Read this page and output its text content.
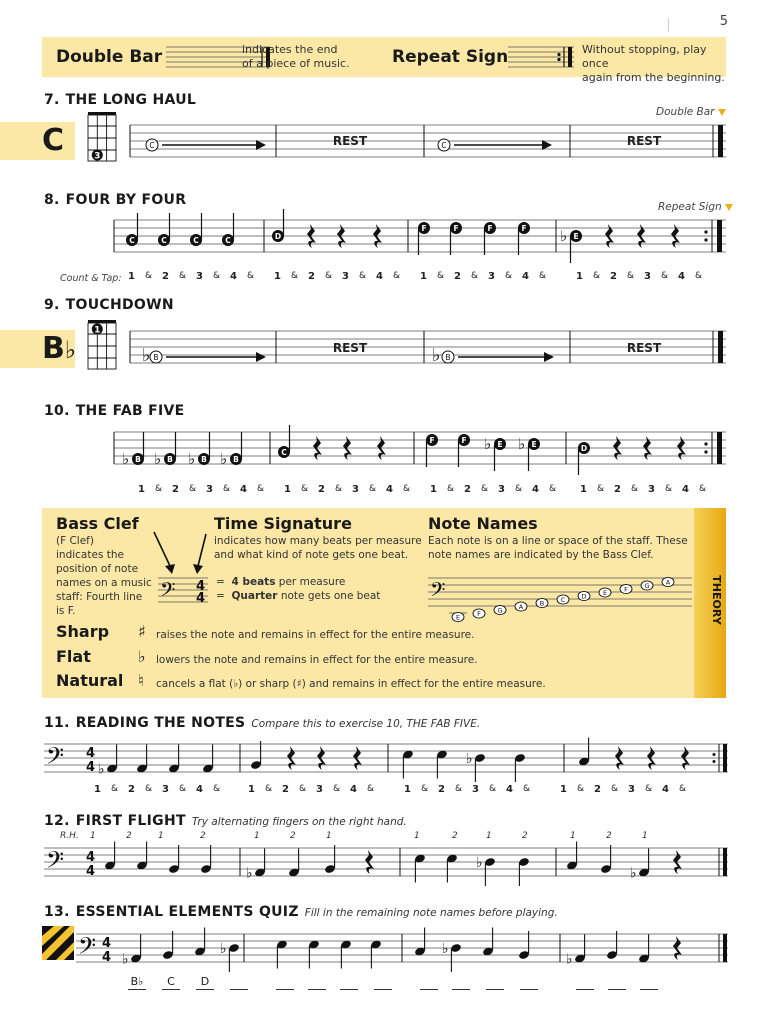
5
Double Bar	indicates the end
of a piece of music. Repeat Sign	Without stopping, play once
again from the beginning.
7. THE LONG HAUL
Double Bar
C	3
C	REST	C	REST
8. FOUR BY FOUR	Repeat Sign
C	C	C	C	D
F	F	F	F ♭ E
Count & Tap:
9. TOUCHDOWN
B♭
1
♭ B
REST	♭ B
REST
10. THE FAB FIVE
♭ B ♭ B ♭ B ♭ B
C
F	F ♭ E ♭ E	D
1 & 2 & 3 & 4 & 1 & 2 & 3 & 4 & 1 & 2 & 3 & 4 &	1 & 2 & 3 & 4 &
1 & 2 & 3 & 4 & 1 & 2 & 3 & 4 & 1 & 2 & 3 & 4 & 1 & 2 & 3 & 4 &
1 & 2 & 3 & 4 &	1 & 2 & 3 & 4 &	1 & 2 & 3 & 4 &	1 & 2 & 3 & 4 &
Bass Clef
(F Clef)
indicates the
position of note
names on a music
staff: Fourth line
is F.
𝄢 4
4
Time Signature
indicates how many beats per measure
and what kind of note gets one beat.
= 4 beats per measure
= Quarter note gets one beat
Note Names
Each note is on a line or space of the staff. These
note names are indicated by the Bass Clef.
𝄢
E	F	G	A	B	C D	E	F	G	A
Sharp ♯ raises the note and remains in effect for the entire measure.
Flat	♭ lowers the note and remains in effect for the entire measure.
Natural ♮ cancels a flat (♭) or sharp (♯) and remains in effect for the entire measure.
THEORY
11. READING THE NOTES Compare this to exercise 10, THE FAB FIVE.
𝄢 4
4 ♭
♭
12. FIRST FLIGHT Try alternating fingers on the right hand.
R.H. 1	2	1	2	1	2	1	1	2	1	2	1	2	1
𝄢 4
4	♭
♭
♭
13. ESSENTIAL ELEMENTS QUIZ Fill in the remaining note names before playing.
𝄢 4
4 ♭
♭	♭
♭
B♭	C	D
